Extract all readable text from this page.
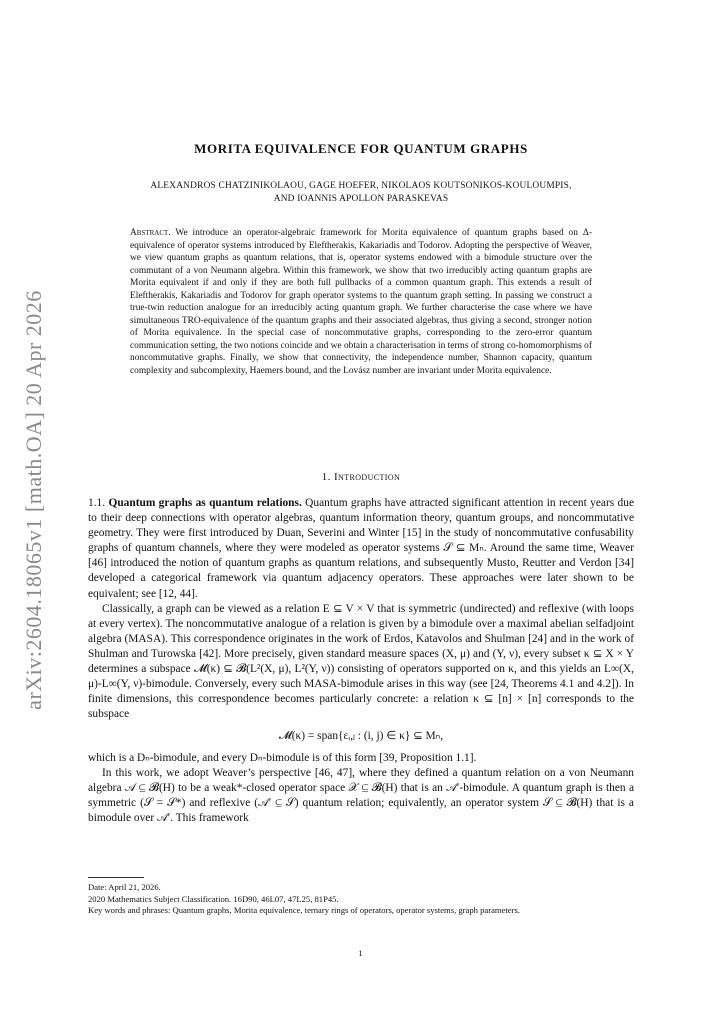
arXiv:2604.18065v1 [math.OA] 20 Apr 2026
MORITA EQUIVALENCE FOR QUANTUM GRAPHS
ALEXANDROS CHATZINIKOLAOU, GAGE HOEFER, NIKOLAOS KOUTSONIKOS-KOULOUMPIS,
AND IOANNIS APOLLON PARASKEVAS
Abstract. We introduce an operator-algebraic framework for Morita equivalence of quantum graphs based on Δ-equivalence of operator systems introduced by Eleftherakis, Kakariadis and Todorov. Adopting the perspective of Weaver, we view quantum graphs as quantum relations, that is, operator systems endowed with a bimodule structure over the commutant of a von Neumann algebra. Within this framework, we show that two irreducibly acting quantum graphs are Morita equivalent if and only if they are both full pullbacks of a common quantum graph. This extends a result of Eleftherakis, Kakariadis and Todorov for graph operator systems to the quantum graph setting. In passing we construct a true-twin reduction analogue for an irreducibly acting quantum graph. We further characterise the case where we have simultaneous TRO-equivalence of the quantum graphs and their associated algebras, thus giving a second, stronger notion of Morita equivalence. In the special case of noncommutative graphs, corresponding to the zero-error quantum communication setting, the two notions coincide and we obtain a characterisation in terms of strong co-homomorphisms of noncommutative graphs. Finally, we show that connectivity, the independence number, Shannon capacity, quantum complexity and subcomplexity, Haemers bound, and the Lovász number are invariant under Morita equivalence.
1. Introduction

1.1. Quantum graphs as quantum relations. Quantum graphs have attracted significant attention in recent years due to their deep connections with operator algebras, quantum information theory, quantum groups, and noncommutative geometry. They were first introduced by Duan, Severini and Winter [15] in the study of noncommutative confusability graphs of quantum channels, where they were modeled as operator systems 𝒮 ⊆ Mₙ. Around the same time, Weaver [46] introduced the notion of quantum graphs as quantum relations, and subsequently Musto, Reutter and Verdon [34] developed a categorical framework via quantum adjacency operators. These approaches were later shown to be equivalent; see [12, 44].

Classically, a graph can be viewed as a relation E ⊆ V × V that is symmetric (undirected) and reflexive (with loops at every vertex). The noncommutative analogue of a relation is given by a bimodule over a maximal abelian selfadjoint algebra (MASA). This correspondence originates in the work of Erdos, Katavolos and Shulman [24] and in the work of Shulman and Turowska [42]. More precisely, given standard measure spaces (X, μ) and (Y, ν), every subset κ ⊆ X × Y determines a subspace 𝓜(κ) ⊆ 𝓑(L²(X, μ), L²(Y, ν)) consisting of operators supported on κ, and this yields an L∞(X, μ)-L∞(Y, ν)-bimodule. Conversely, every such MASA-bimodule arises in this way (see [24, Theorems 4.1 and 4.2]). In finite dimensions, this correspondence becomes particularly concrete: a relation κ ⊆ [n] × [n] corresponds to the subspace

𝓜(κ) = span{εᵢ,ⱼ : (i, j) ∈ κ} ⊆ Mₙ,

which is a Dₙ-bimodule, and every Dₙ-bimodule is of this form [39, Proposition 1.1].

In this work, we adopt Weaver’s perspective [46, 47], where they defined a quantum relation on a von Neumann algebra 𝒜 ⊆ 𝓑(H) to be a weak*-closed operator space 𝒳 ⊆ 𝓑(H) that is an 𝒜′-bimodule. A quantum graph is then a symmetric (𝒮 = 𝒮*) and reflexive (𝒜′ ⊆ 𝒮) quantum relation; equivalently, an operator system 𝒮 ⊆ 𝓑(H) that is a bimodule over 𝒜′. This framework

Date: April 21, 2026.
2020 Mathematics Subject Classification. 16D90, 46L07, 47L25, 81P45.
Key words and phrases: Quantum graphs, Morita equivalence, ternary rings of operators, operator systems, graph parameters.
1
